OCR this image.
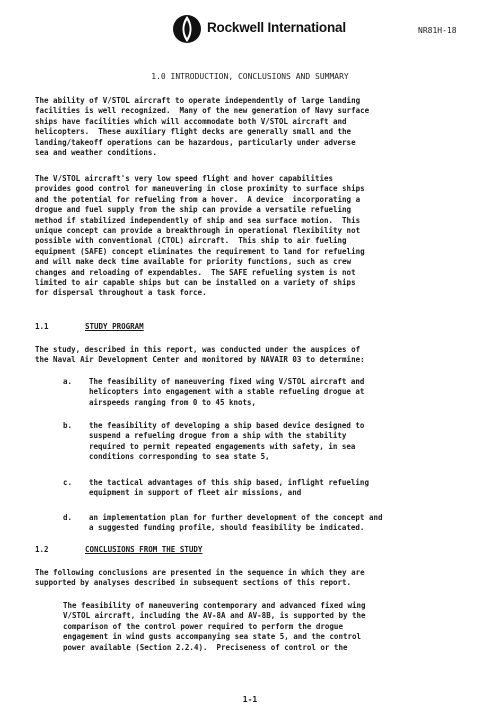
Rockwell International	NR81H-18
1.0 INTRODUCTION, CONCLUSIONS AND SUMMARY

The ability of V/STOL aircraft to operate independently of large landing
facilities is well recognized.  Many of the new generation of Navy surface
ships have facilities which will accommodate both V/STOL aircraft and
helicopters.  These auxiliary flight decks are generally small and the
landing/takeoff operations can be hazardous, particularly under adverse
sea and weather conditions.

The V/STOL aircraft's very low speed flight and hover capabilities
provides good control for maneuvering in close proximity to surface ships
and the potential for refueling from a hover.  A device  incorporating a
drogue and fuel supply from the ship can provide a versatile refueling
method if stabilized independently of ship and sea surface motion.  This
unique concept can provide a breakthrough in operational flexibility not
possible with conventional (CTOL) aircraft.  This ship to air fueling
equipment (SAFE) concept eliminates the requirement to land for refueling
and will make deck time available for priority functions, such as crew
changes and reloading of expendables.  The SAFE refueling system is not
limited to air capable ships but can be installed on a variety of ships
for dispersal throughout a task force.

1.1	STUDY PROGRAM

The study, described in this report, was conducted under the auspices of
the Naval Air Development Center and monitored by NAVAIR 03 to determine:

a. The feasibility of maneuvering fixed wing V/STOL aircraft and
helicopters into engagement with a stable refueling drogue at
airspeeds ranging from 0 to 45 knots,

b. the feasibility of developing a ship based device designed to
suspend a refueling drogue from a ship with the stability
required to permit repeated engagements with safety, in sea
conditions corresponding to sea state 5,

c. the tactical advantages of this ship based, inflight refueling
equipment in support of fleet air missions, and

d. an implementation plan for further development of the concept and
a suggested funding profile, should feasibility be indicated.

1.2	CONCLUSIONS FROM THE STUDY

The following conclusions are presented in the sequence in which they are
supported by analyses described in subsequent sections of this report.

The feasibility of maneuvering contemporary and advanced fixed wing
V/STOL aircraft, including the AV-8A and AV-8B, is supported by the
comparison of the control power required to perform the drogue
engagement in wind gusts accompanying sea state 5, and the control
power available (Section 2.2.4).  Preciseness of control or the

1-1
